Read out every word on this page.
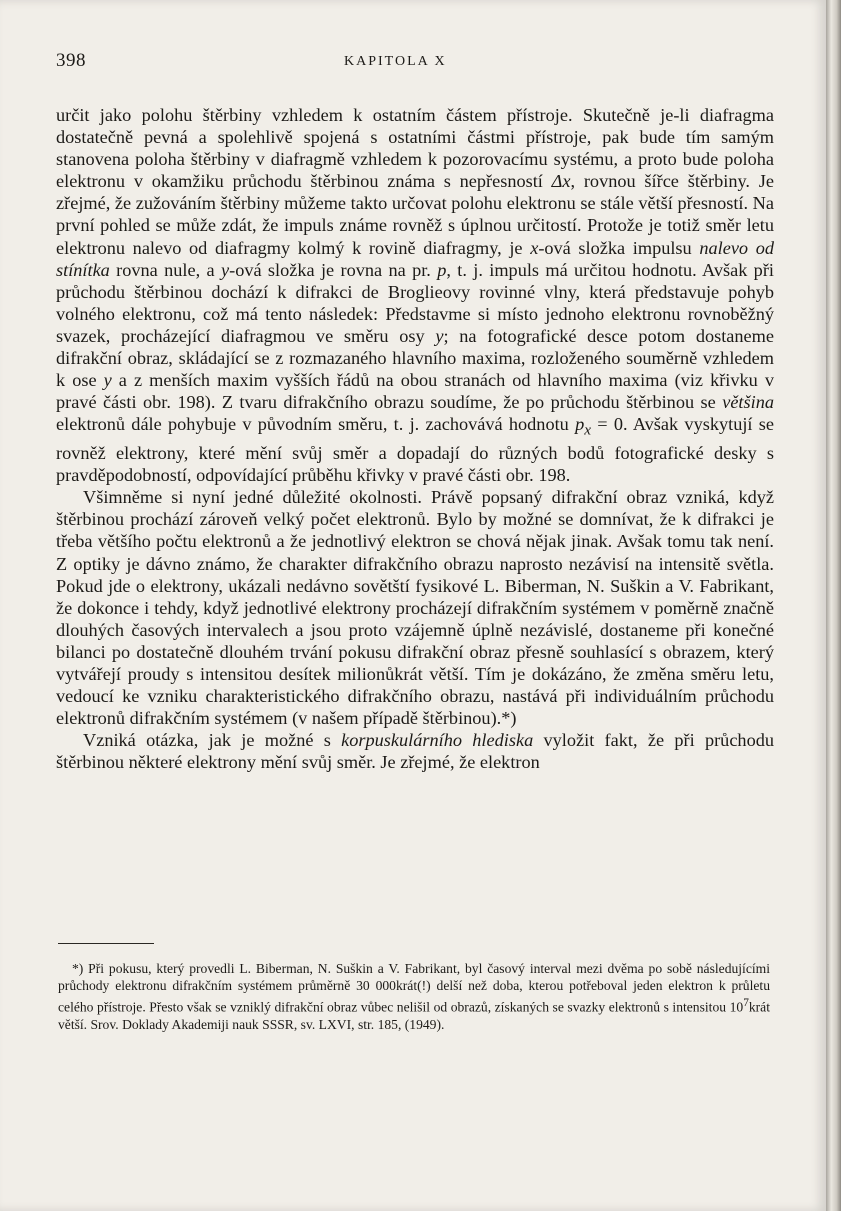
398	KAPITOLA X

určit jako polohu štěrbiny vzhledem k ostatním částem přístroje. Skutečně je-li diafragma dostatečně pevná a spolehlivě spojená s ostatními částmi přístroje, pak bude tím samým stanovena poloha štěrbiny v diafragmě vzhledem k pozorovacímu systému, a proto bude poloha elektronu v okamžiku průchodu štěrbinou známa s nepřesností Δx, rovnou šířce štěrbiny. Je zřejmé, že zužováním štěrbiny můžeme takto určovat polohu elektronu se stále větší přesností. Na první pohled se může zdát, že impuls známe rovněž s úplnou určitostí. Protože je totiž směr letu elektronu nalevo od diafragmy kolmý k rovině diafragmy, je x-ová složka impulsu nalevo od stínítka rovna nule, a y-ová složka je rovna na pr. p, t. j. impuls má určitou hodnotu. Avšak při průchodu štěrbinou dochází k difrakci de Broglieovy rovinné vlny, která představuje pohyb volného elektronu, což má tento následek: Představme si místo jednoho elektronu rovnoběžný svazek, procházející diafragmou ve směru osy y; na fotografické desce potom dostaneme difrakční obraz, skládající se z rozmazaného hlavního maxima, rozloženého souměrně vzhledem k ose y a z menších maxim vyšších řádů na obou stranách od hlavního maxima (viz křivku v pravé části obr. 198). Z tvaru difrakčního obrazu soudíme, že po průchodu štěrbinou se většina elektronů dále pohybuje v původním směru, t. j. zachovává hodnotu $p_x = 0$. Avšak vyskytují se rovněž elektrony, které mění svůj směr a dopadají do různých bodů fotografické desky s pravděpodobností, odpovídající průběhu křivky v pravé části obr. 198.

Všimněme si nyní jedné důležité okolnosti. Právě popsaný difrakční obraz vzniká, když štěrbinou prochází zároveň velký počet elektronů. Bylo by možné se domnívat, že k difrakci je třeba většího počtu elektronů a že jednotlivý elektron se chová nějak jinak. Avšak tomu tak není. Z optiky je dávno známo, že charakter difrakčního obrazu naprosto nezávisí na intensitě světla. Pokud jde o elektrony, ukázali nedávno sovětští fysikové L. Biberman, N. Suškin a V. Fabrikant, že dokonce i tehdy, když jednotlivé elektrony procházejí difrakčním systémem v poměrně značně dlouhých časových intervalech a jsou proto vzájemně úplně nezávislé, dostaneme při konečné bilanci po dostatečně dlouhém trvání pokusu difrakční obraz přesně souhlasící s obrazem, který vytvářejí proudy s intensitou desítek milionůkrát větší. Tím je dokázáno, že změna směru letu, vedoucí ke vzniku charakteristického difrakčního obrazu, nastává při individuálním průchodu elektronů difrakčním systémem (v našem případě štěrbinou).*)

Vzniká otázka, jak je možné s korpuskulárního hlediska vyložit fakt, že při průchodu štěrbinou některé elektrony mění svůj směr. Je zřejmé, že elektron

*) Při pokusu, který provedli L. Biberman, N. Suškin a V. Fabrikant, byl časový interval mezi dvěma po sobě následujícími průchody elektronu difrakčním systémem průměrně 30 000krát(!) delší než doba, kterou potřeboval jeden elektron k průletu celého přístroje. Přesto však se vzniklý difrakční obraz vůbec nelišil od obrazů, získaných se svazky elektronů s intensitou $10^7krát$ větší. Srov. Doklady Akademiji nauk SSSR, sv. LXVI, str. 185, (1949).
